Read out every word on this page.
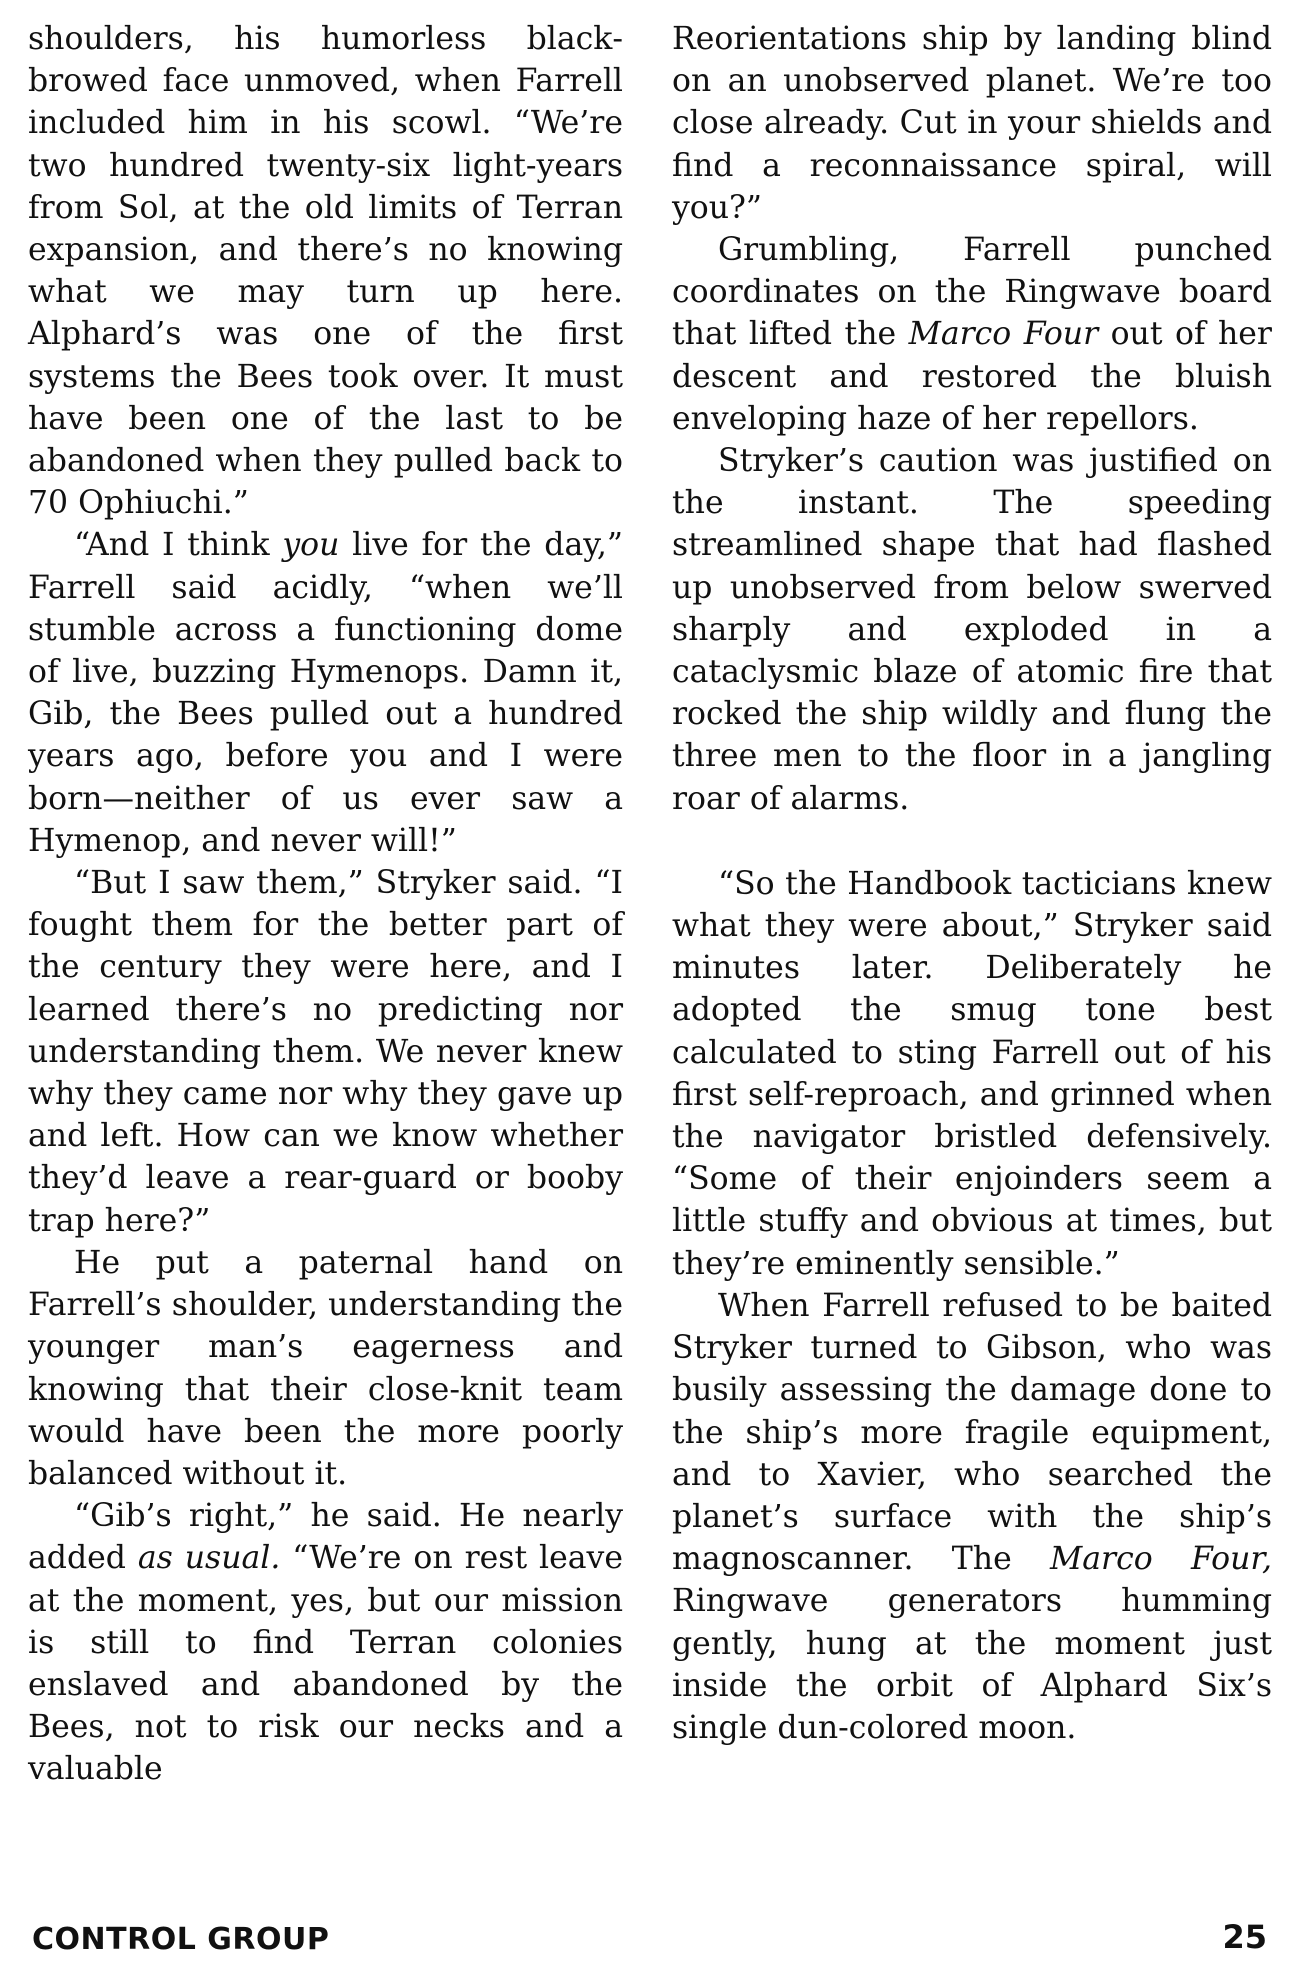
shoulders, his humorless blackbrowed face unmoved, when Farrell included him in his scowl. “We’re two hundred twenty-six light-years from Sol, at the old limits of Terran expansion, and there’s no knowing what we may turn up here. Alphard’s was one of the first systems the Bees took over. It must have been one of the last to be abandoned when they pulled back to 70 Ophiuchi.”

“And I think you live for the day,” Farrell said acidly, “when we’ll stumble across a functioning dome of live, buzzing Hymenops. Damn it, Gib, the Bees pulled out a hundred years ago, before you and I were born—neither of us ever saw a Hymenop, and never will!”

“But I saw them,” Stryker said. “I fought them for the better part of the century they were here, and I learned there’s no predicting nor understanding them. We never knew why they came nor why they gave up and left. How can we know whether they’d leave a rear-guard or booby trap here?”

He put a paternal hand on Farrell’s shoulder, understanding the younger man’s eagerness and knowing that their close-knit team would have been the more poorly balanced without it.

“Gib’s right,” he said. He nearly added as usual. “We’re on rest leave at the moment, yes, but our mission is still to find Terran colonies enslaved and abandoned by the Bees, not to risk our necks and a valuable

Reorientations ship by landing blind on an unobserved planet. We’re too close already. Cut in your shields and find a reconnaissance spiral, will you?”

Grumbling, Farrell punched coordinates on the Ringwave board that lifted the Marco Four out of her descent and restored the bluish enveloping haze of her repellors.

Stryker’s caution was justified on the instant. The speeding streamlined shape that had flashed up unobserved from below swerved sharply and exploded in a cataclysmic blaze of atomic fire that rocked the ship wildly and flung the three men to the floor in a jangling roar of alarms.

“So the Handbook tacticians knew what they were about,” Stryker said minutes later. Deliberately he adopted the smug tone best calculated to sting Farrell out of his first self-reproach, and grinned when the navigator bristled defensively. “Some of their enjoinders seem a little stuffy and obvious at times, but they’re eminently sensible.”

When Farrell refused to be baited Stryker turned to Gibson, who was busily assessing the damage done to the ship’s more fragile equipment, and to Xavier, who searched the planet’s surface with the ship’s magnoscanner. The Marco Four, Ringwave generators humming gently, hung at the moment just inside the orbit of Alphard Six’s single dun-colored moon.

CONTROL GROUP	25
